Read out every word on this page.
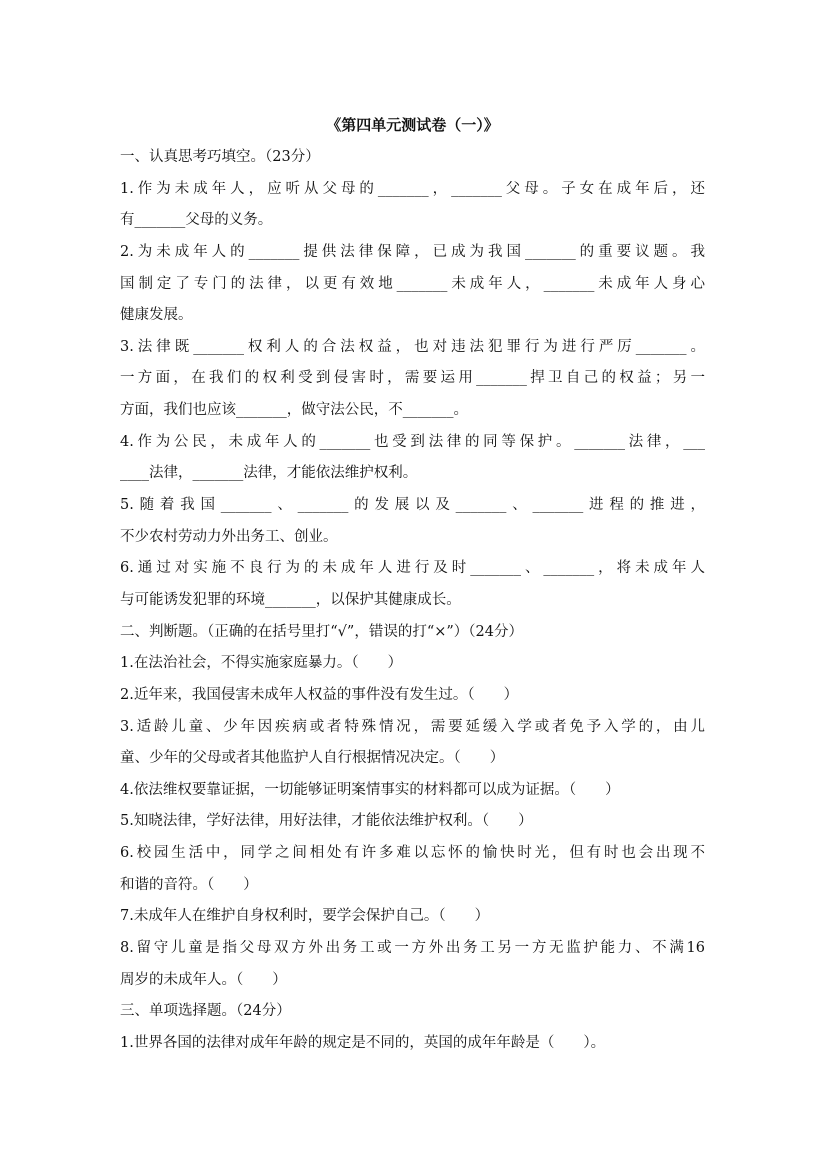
《第四单元测试卷（一）》
一、认真思考巧填空。（23分）
1.作为未成年人，应听从父母的_______，_______父母。子女在成年后，还
有_______父母的义务。
2.为未成年人的_______提供法律保障，已成为我国_______的重要议题。我
国制定了专门的法律，以更有效地_______未成年人，_______未成年人身心
健康发展。
3.法律既_______权利人的合法权益，也对违法犯罪行为进行严厉_______。
一方面，在我们的权利受到侵害时，需要运用_______捍卫自己的权益；另一
方面，我们也应该_______，做守法公民，不_______。
4.作为公民，未成年人的_______也受到法律的同等保护。_______法律，___
____法律，_______法律，才能依法维护权利。
5.随着我国_______、_______的发展以及_______、_______进程的推进，
不少农村劳动力外出务工、创业。
6.通过对实施不良行为的未成年人进行及时_______、_______，将未成年人
与可能诱发犯罪的环境_______，以保护其健康成长。
二、判断题。（正确的在括号里打“√”，错误的打“×”）（24分）
1.在法治社会，不得实施家庭暴力。（　　）
2.近年来，我国侵害未成年人权益的事件没有发生过。（　　）
3.适龄儿童、少年因疾病或者特殊情况，需要延缓入学或者免予入学的，由儿
童、少年的父母或者其他监护人自行根据情况决定。（　　）
4.依法维权要靠证据，一切能够证明案情事实的材料都可以成为证据。（　　）
5.知晓法律，学好法律，用好法律，才能依法维护权利。（　　）
6.校园生活中，同学之间相处有许多难以忘怀的愉快时光，但有时也会出现不
和谐的音符。（　　）
7.未成年人在维护自身权利时，要学会保护自己。（　　）
8.留守儿童是指父母双方外出务工或一方外出务工另一方无监护能力、不满16
周岁的未成年人。（　　）
三、单项选择题。（24分）
1.世界各国的法律对成年年龄的规定是不同的，英国的成年年龄是（　　）。
